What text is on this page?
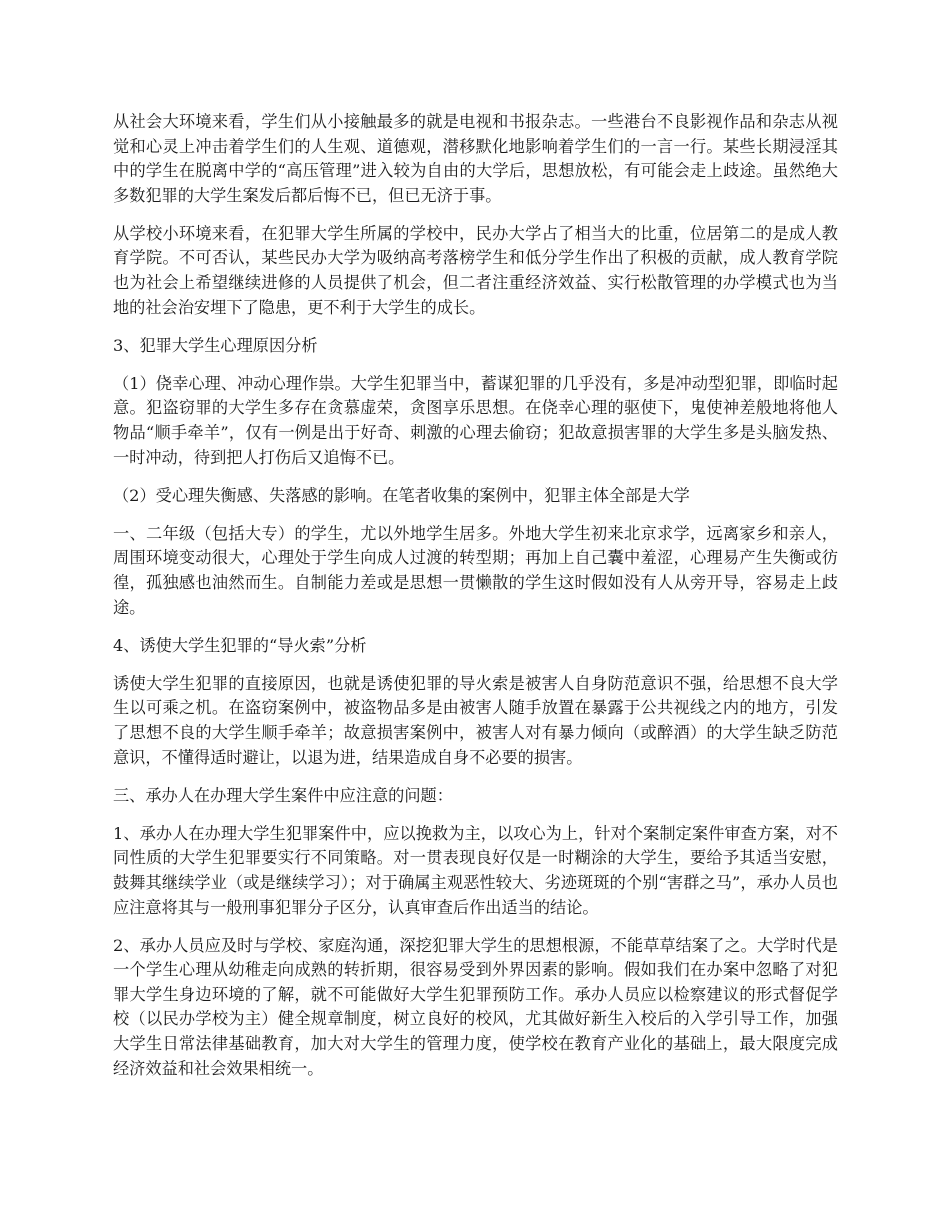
从社会大环境来看，学生们从小接触最多的就是电视和书报杂志。一些港台不良影视作品和杂志从视觉和心灵上冲击着学生们的人生观、道德观，潜移默化地影响着学生们的一言一行。某些长期浸淫其中的学生在脱离中学的“高压管理”进入较为自由的大学后，思想放松，有可能会走上歧途。虽然绝大多数犯罪的大学生案发后都后悔不已，但已无济于事。

从学校小环境来看，在犯罪大学生所属的学校中，民办大学占了相当大的比重，位居第二的是成人教育学院。不可否认，某些民办大学为吸纳高考落榜学生和低分学生作出了积极的贡献，成人教育学院也为社会上希望继续进修的人员提供了机会，但二者注重经济效益、实行松散管理的办学模式也为当地的社会治安埋下了隐患，更不利于大学生的成长。

3、犯罪大学生心理原因分析

（1）侥幸心理、冲动心理作祟。大学生犯罪当中，蓄谋犯罪的几乎没有，多是冲动型犯罪，即临时起意。犯盗窃罪的大学生多存在贪慕虚荣，贪图享乐思想。在侥幸心理的驱使下，鬼使神差般地将他人物品“顺手牵羊”，仅有一例是出于好奇、刺激的心理去偷窃；犯故意损害罪的大学生多是头脑发热、一时冲动，待到把人打伤后又追悔不已。

（2）受心理失衡感、失落感的影响。在笔者收集的案例中，犯罪主体全部是大学

一、二年级（包括大专）的学生，尤以外地学生居多。外地大学生初来北京求学，远离家乡和亲人，周围环境变动很大，心理处于学生向成人过渡的转型期；再加上自己囊中羞涩，心理易产生失衡或彷徨，孤独感也油然而生。自制能力差或是思想一贯懒散的学生这时假如没有人从旁开导，容易走上歧途。

4、诱使大学生犯罪的“导火索”分析

诱使大学生犯罪的直接原因，也就是诱使犯罪的导火索是被害人自身防范意识不强，给思想不良大学生以可乘之机。在盗窃案例中，被盗物品多是由被害人随手放置在暴露于公共视线之内的地方，引发了思想不良的大学生顺手牵羊；故意损害案例中，被害人对有暴力倾向（或醉酒）的大学生缺乏防范意识，不懂得适时避让，以退为进，结果造成自身不必要的损害。

三、承办人在办理大学生案件中应注意的问题：

1、承办人在办理大学生犯罪案件中，应以挽救为主，以攻心为上，针对个案制定案件审查方案，对不同性质的大学生犯罪要实行不同策略。对一贯表现良好仅是一时糊涂的大学生，要给予其适当安慰，鼓舞其继续学业（或是继续学习）；对于确属主观恶性较大、劣迹斑斑的个别“害群之马”，承办人员也应注意将其与一般刑事犯罪分子区分，认真审查后作出适当的结论。

2、承办人员应及时与学校、家庭沟通，深挖犯罪大学生的思想根源，不能草草结案了之。大学时代是一个学生心理从幼稚走向成熟的转折期，很容易受到外界因素的影响。假如我们在办案中忽略了对犯罪大学生身边环境的了解，就不可能做好大学生犯罪预防工作。承办人员应以检察建议的形式督促学校（以民办学校为主）健全规章制度，树立良好的校风，尤其做好新生入校后的入学引导工作，加强大学生日常法律基础教育，加大对大学生的管理力度，使学校在教育产业化的基础上，最大限度完成经济效益和社会效果相统一。
